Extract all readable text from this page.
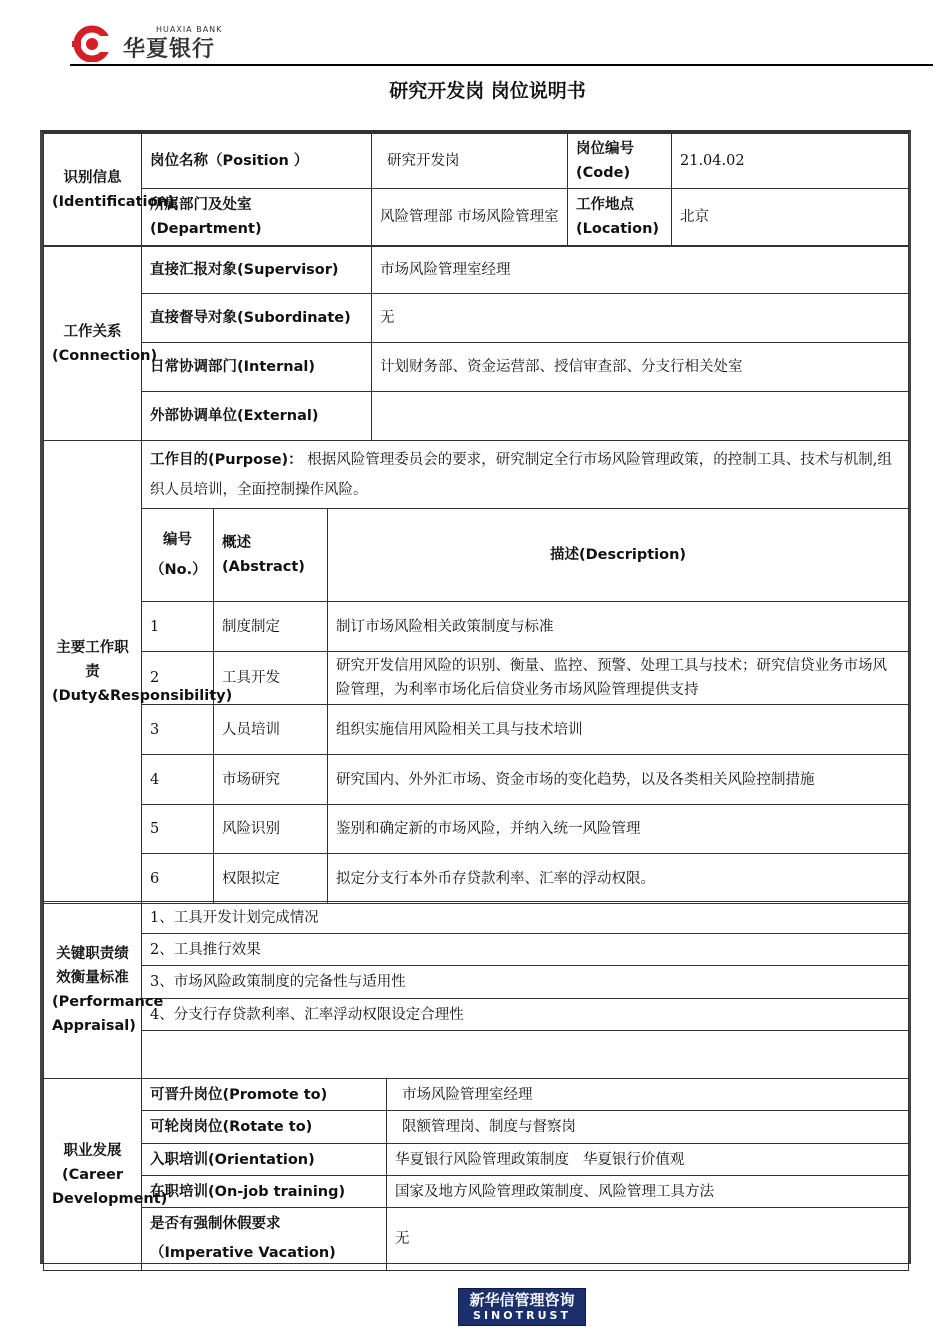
HUAXIA BANK
华夏银行
研究开发岗 岗位说明书
识别信息(Identification)	岗位名称（Position ）	研究开发岗	岗位编号(Code)	21.04.02
	所属部门及处室(Department)	风险管理部 市场风险管理室	工作地点(Location)	北京
工作关系(Connection)	直接汇报对象(Supervisor)	市场风险管理室经理
	直接督导对象(Subordinate)	无
	日常协调部门(Internal)	计划财务部、资金运营部、授信审查部、分支行相关处室
	外部协调单位(External)	
主要工作职责(Duty&Responsibility)	工作目的(Purpose)： 根据风险管理委员会的要求，研究制定全行市场风险管理政策，的控制工具、技术与机制,组织人员培训，全面控制操作风险。		
	编号（No.）	概述(Abstract)	描述(Description)
	1	制度制定	制订市场风险相关政策制度与标准
	2	工具开发	研究开发信用风险的识别、衡量、监控、预警、处理工具与技术；研究信贷业务市场风险管理，为利率市场化后信贷业务市场风险管理提供支持
	3	人员培训	组织实施信用风险相关工具与技术培训
	4	市场研究	研究国内、外外汇市场、资金市场的变化趋势，以及各类相关风险控制措施
	5	风险识别	鉴别和确定新的市场风险，并纳入统一风险管理
	6	权限拟定	拟定分支行本外币存贷款利率、汇率的浮动权限。
关键职责绩效衡量标准(Performance Appraisal)	1、工具开发计划完成情况
2、工具推行效果
3、市场风险政策制度的完备性与适用性
4、分支行存贷款利率、汇率浮动权限设定合理性

职业发展(Career Development)	可晋升岗位(Promote to)	市场风险管理室经理
	可轮岗岗位(Rotate to)	限额管理岗、制度与督察岗
	入职培训(Orientation)	华夏银行风险管理政策制度   华夏银行价值观
	在职培训(On-job training)	国家及地方风险管理政策制度、风险管理工具方法
	是否有强制休假要求（Imperative Vacation)	无
新华信管理咨询
SINOTRUST
